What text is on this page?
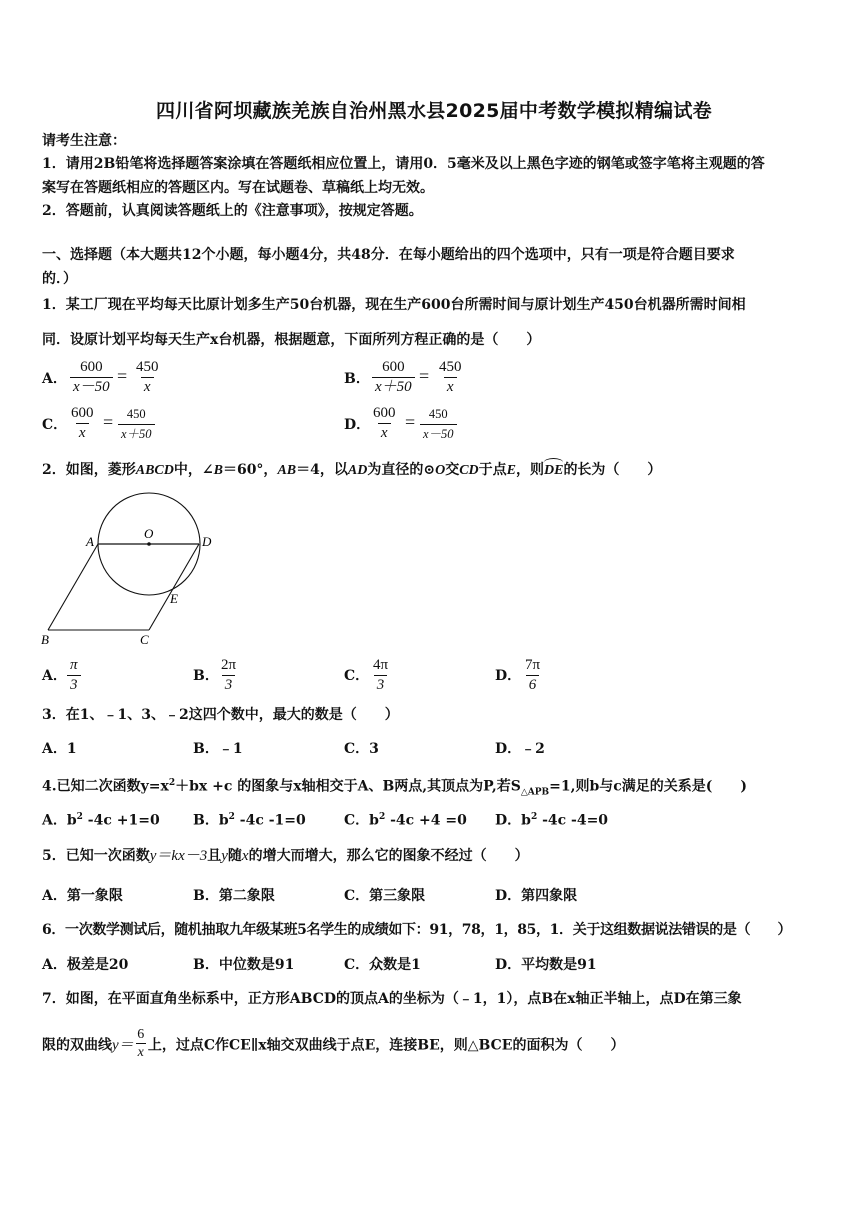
四川省阿坝藏族羌族自治州黑水县2025届中考数学模拟精编试卷
请考生注意：
1．请用2B铅笔将选择题答案涂填在答题纸相应位置上，请用0．5毫米及以上黑色字迹的钢笔或签字笔将主观题的答
案写在答题纸相应的答题区内。写在试题卷、草稿纸上均无效。
2．答题前，认真阅读答题纸上的《注意事项》，按规定答题。
一、选择题（本大题共12个小题，每小题4分，共48分．在每小题给出的四个选项中，只有一项是符合题目要求
的．）
1．某工厂现在平均每天比原计划多生产50台机器，现在生产600台所需时间与原计划生产450台机器所需时间相
同．设原计划平均每天生产x台机器，根据题意，下面所列方程正确的是（　　）
A． $\frac{600}{x-50} = \frac{450}{x}$	B． $\frac{600}{x+50} = \frac{450}{x}$
C． $\frac{600}{x} = \frac{450}{x+50}$	D． $\frac{600}{x} = \frac{450}{x-50}$
2．如图，菱形ABCD中，∠B＝60°，AB＝4，以AD为直径的⊙O交CD于点E，则DE的长为（　　）
A
O
D
E
B	C
A． $\frac{\pi}{3}$	B． $\frac{2\pi}{3}$	C． $\frac{4\pi}{3}$	D． $\frac{7\pi}{6}$
3．在1、﹣1、3、﹣2这四个数中，最大的数是（　　）
A．1	B．﹣1	C．3	D．﹣2
4.已知二次函数$y=x^2+bx +c$ 的图象与x轴相交于A、B两点,其顶点为P,若$S_{\triangle APB}=1$,则b与c满足的关系是(　　)
A．$b^2$ -4c +1=0 B．$b^2$ -4c -1=0	C．$b^2$ -4c +4 =0 D．$b^2$ -4c -4=0
5．已知一次函数y＝kx－3且y随x的增大而增大，那么它的图象不经过（　　）
A．第一象限	B．第二象限	C．第三象限	D．第四象限
6．一次数学测试后，随机抽取九年级某班5名学生的成绩如下：91，78，1，85，1．关于这组数据说法错误的是（　　）
A．极差是20	B．中位数是91	C．众数是1	D．平均数是91
7．如图，在平面直角坐标系中，正方形ABCD的顶点A的坐标为（﹣1，1），点B在x轴正半轴上，点D在第三象
限的双曲线$y= \frac{6}{x}$ 上，过点C作CE∥x轴交双曲线于点E，连接BE，则△BCE的面积为（　　）
